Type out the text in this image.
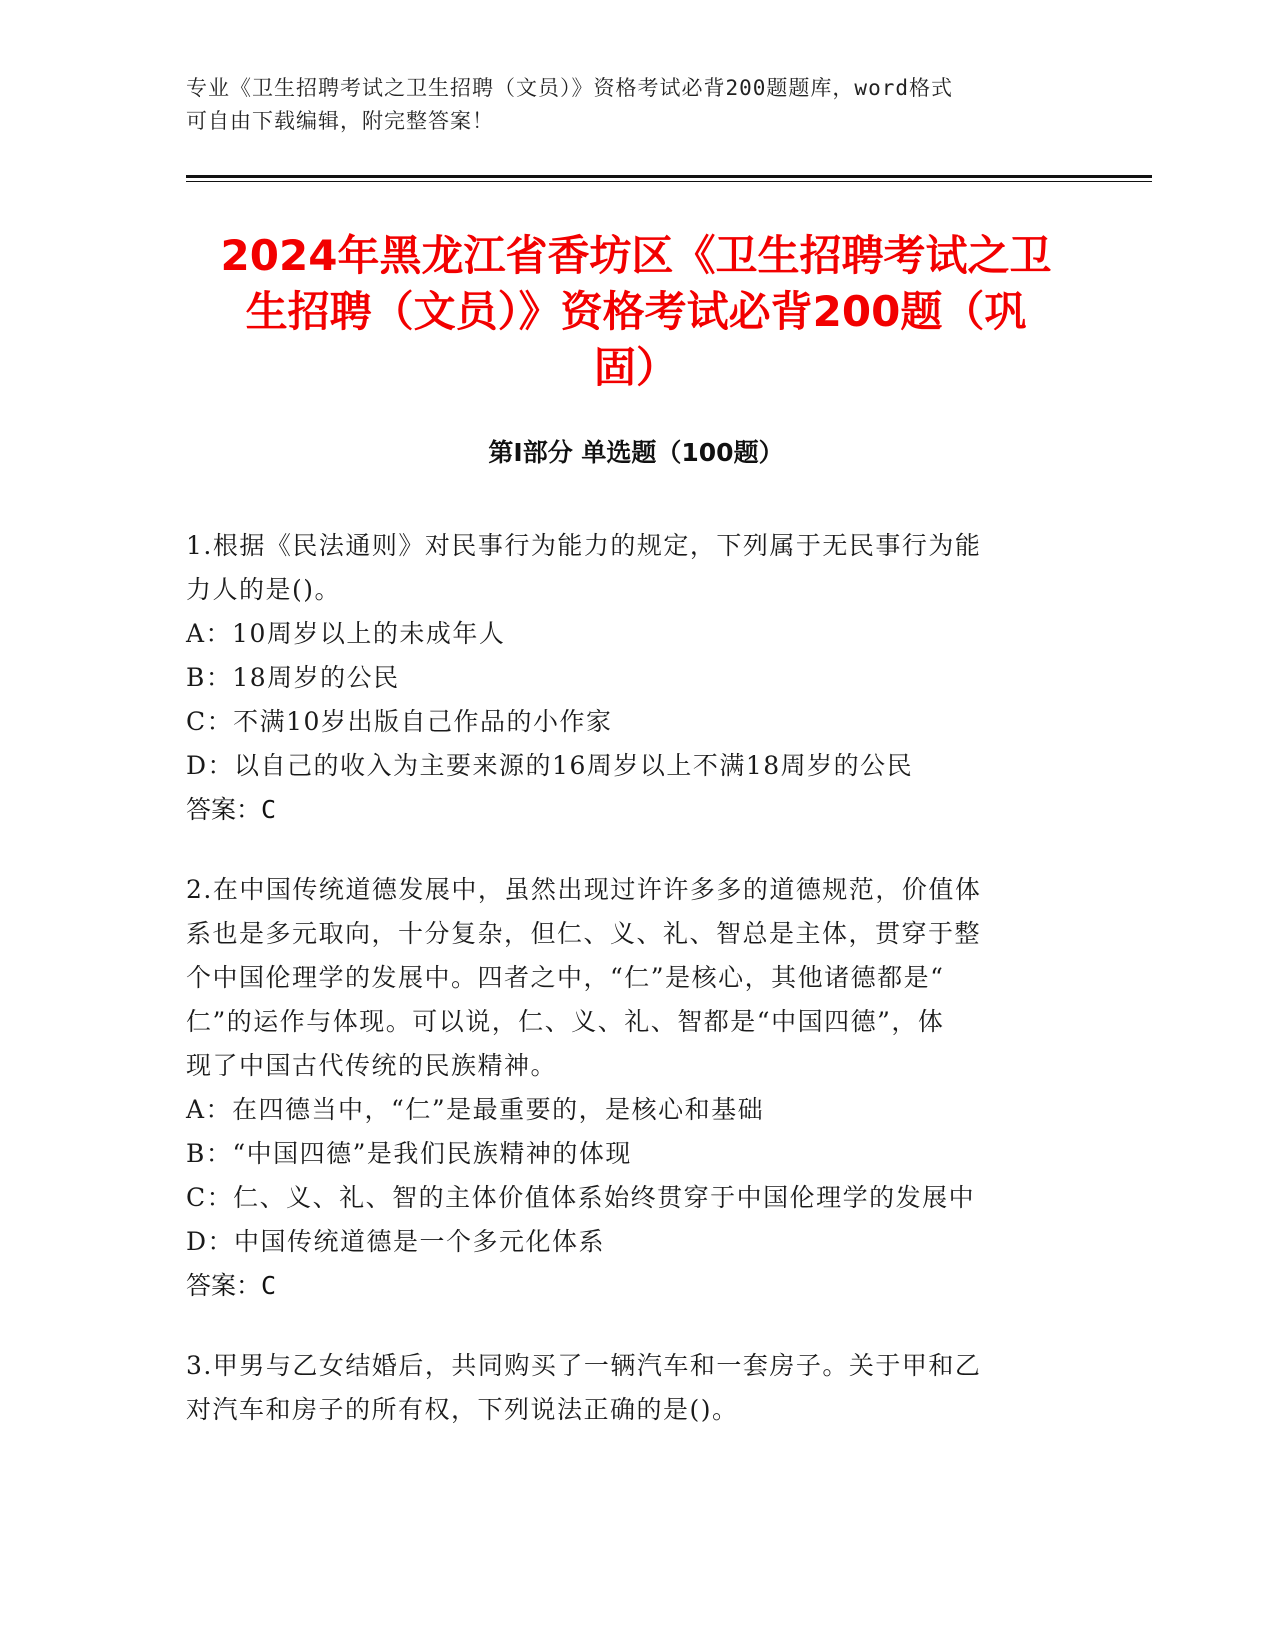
专业《卫生招聘考试之卫生招聘（文员）》资格考试必背200题题库，word格式
可自由下载编辑，附完整答案！
2024年黑龙江省香坊区《卫生招聘考试之卫
生招聘（文员）》资格考试必背200题（巩
固）
第Ⅰ部分 单选题（100题）
1.根据《民法通则》对民事行为能力的规定，下列属于无民事行为能
力人的是()。
A：10周岁以上的未成年人
B：18周岁的公民
C：不满10岁出版自己作品的小作家
D：以自己的收入为主要来源的16周岁以上不满18周岁的公民
答案：C
2.在中国传统道德发展中，虽然出现过许许多多的道德规范，价值体
系也是多元取向，十分复杂，但仁、义、礼、智总是主体，贯穿于整
个中国伦理学的发展中。四者之中，“仁”是核心，其他诸德都是“
仁”的运作与体现。可以说，仁、义、礼、智都是“中国四德”，体
现了中国古代传统的民族精神。
A：在四德当中，“仁”是最重要的，是核心和基础
B：“中国四德”是我们民族精神的体现
C：仁、义、礼、智的主体价值体系始终贯穿于中国伦理学的发展中
D：中国传统道德是一个多元化体系
答案：C
3.甲男与乙女结婚后，共同购买了一辆汽车和一套房子。关于甲和乙
对汽车和房子的所有权，下列说法正确的是()。
